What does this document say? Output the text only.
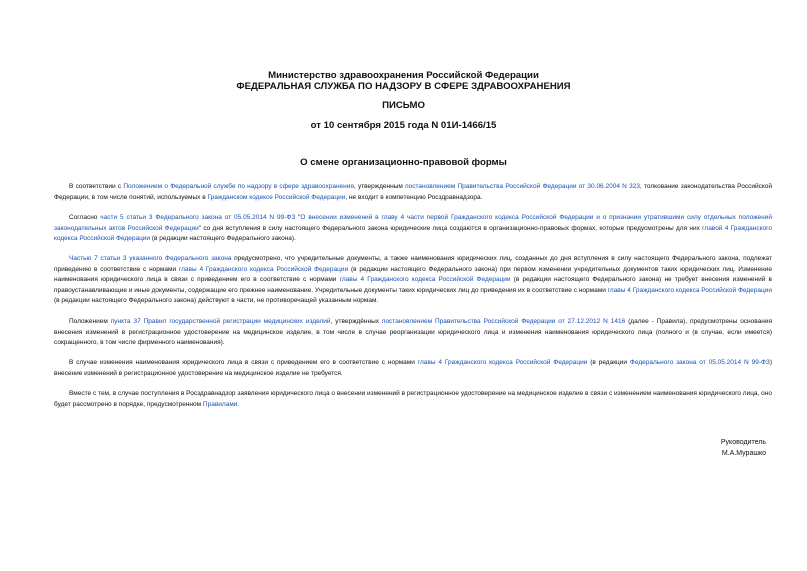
Министерство здравоохранения Российской Федерации
ФЕДЕРАЛЬНАЯ СЛУЖБА ПО НАДЗОРУ В СФЕРЕ ЗДРАВООХРАНЕНИЯ
ПИСЬМО
от 10 сентября 2015 года N 01И-1466/15
О смене организационно-правовой формы

В соответствии с Положением о Федеральной службе по надзору в сфере здравоохранения, утвержденным постановлением Правительства Российской Федерации от 30.06.2004 N 323, толкование законодательства Российской Федерации, в том числе понятий, используемых в Гражданском кодексе Российской Федерации, не входит в компетенцию Росздравнадзора.

Согласно части 5 статьи 3 Федерального закона от 05.05.2014 N 99-ФЗ "О внесении изменений в главу 4 части первой Гражданского кодекса Российской Федерации и о признании утратившими силу отдельных положений законодательных актов Российской Федерации" со дня вступления в силу настоящего Федерального закона юридические лица создаются в организационно-правовых формах, которые предусмотрены для них главой 4 Гражданского кодекса Российской Федерации (в редакции настоящего Федерального закона).

Частью 7 статьи 3 указанного Федерального закона предусмотрено, что учредительные документы, а также наименования юридических лиц, созданных до дня вступления в силу настоящего Федерального закона, подлежат приведению в соответствие с нормами главы 4 Гражданского кодекса Российской Федерации (в редакции настоящего Федерального закона) при первом изменении учредительных документов таких юридических лиц. Изменение наименования юридического лица в связи с приведением его в соответствие с нормами главы 4 Гражданского кодекса Российской Федерации (в редакции настоящего Федерального закона) не требует внесения изменений в правоустанавливающие и иные документы, содержащие его прежнее наименование. Учредительные документы таких юридических лиц до приведения их в соответствие с нормами главы 4 Гражданского кодекса Российской Федерации (в редакции настоящего Федерального закона) действуют в части, не противоречащей указанным нормам.

Положением пункта 37 Правил государственной регистрации медицинских изделий, утверждённых постановлением Правительства Российской Федерации от 27.12.2012 N 1416 (далее - Правила), предусмотрены основания внесения изменений в регистрационное удостоверение на медицинское изделие, в том числе в случае реорганизации юридического лица и изменения наименования юридического лица (полного и (в случае, если имеется) сокращенного, в том числе фирменного наименования).

В случае изменения наименования юридического лица в связи с приведением его в соответствие с нормами главы 4 Гражданского кодекса Российской Федерации (в редакции Федерального закона от 05.05.2014 N 99-ФЗ) внесение изменений в регистрационное удостоверение на медицинское изделие не требуется.

Вместе с тем, в случае поступления в Росздравнадзор заявления юридического лица о внесении изменений в регистрационное удостоверение на медицинское изделие в связи с изменением наименования юридического лица, оно будет рассмотрено в порядке, предусмотренном Правилами.

Руководитель
М.А.Мурашко
